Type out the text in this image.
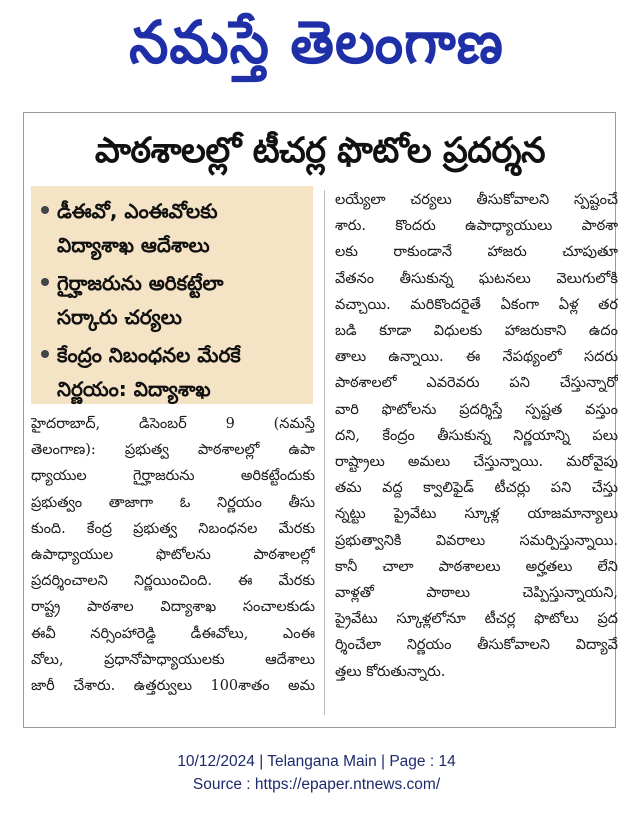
నమస్తే తెలంగాణ
పాఠశాలల్లో టీచర్ల ఫొటోల ప్రదర్శన
డీఈవో, ఎంఈవోలకు
విద్యాశాఖ ఆదేశాలు
గైర్హాజరును అరికట్టేలా
సర్కారు చర్యలు
కేంద్రం నిబంధనల మేరకే
నిర్ణయం: విద్యాశాఖ
హైదరాబాద్, డిసెంబర్ 9 (నమస్తే
తెలంగాణ): ప్రభుత్వ పాఠశాలల్లో ఉపా
ధ్యాయుల గైర్హాజరును అరికట్టేందుకు
ప్రభుత్వం తాజాగా ఓ నిర్ణయం తీసు
కుంది. కేంద్ర ప్రభుత్వ నిబంధనల మేరకు
ఉపాధ్యాయుల ఫొటోలను పాఠశాలల్లో
ప్రదర్శించాలని నిర్ణయించింది. ఈ మేరకు
రాష్ట్ర పాఠశాల విద్యాశాఖ సంచాలకుడు
ఈవీ నర్సింహారెడ్డి డీఈవోలు, ఎంఈ
వోలు, ప్రధానోపాధ్యాయులకు ఆదేశాలు
జారీ చేశారు. ఉత్తర్వులు 100శాతం అమ
లయ్యేలా చర్యలు తీసుకోవాలని స్పష్టంచే
శారు. కొందరు ఉపాధ్యాయులు పాఠశా
లకు రాకుండానే హాజరు చూపుతూ
వేతనం తీసుకున్న ఘటనలు వెలుగులోకి
వచ్చాయి. మరికొందరైతే ఏకంగా ఏళ్ల తర
బడి కూడా విధులకు హాజరుకాని ఉదం
తాలు ఉన్నాయి. ఈ నేపథ్యంలో సదరు
పాఠశాలలో ఎవరెవరు పని చేస్తున్నారో
వారి ఫొటోలను ప్రదర్శిస్తే స్పష్టత వస్తుం
దని, కేంద్రం తీసుకున్న నిర్ణయాన్ని పలు
రాష్ట్రాలు అమలు చేస్తున్నాయి. మరోవైపు
తమ వద్ద క్వాలిఫైడ్ టీచర్లు పని చేస్తు
న్నట్టు ప్రైవేటు స్కూళ్ల యాజమాన్యాలు
ప్రభుత్వానికి వివరాలు సమర్పిస్తున్నాయి.
కానీ చాలా పాఠశాలలు అర్హతలు లేని
వాళ్లతో పాఠాలు చెప్పిస్తున్నాయని,
ప్రైవేటు స్కూళ్లలోనూ టీచర్ల ఫొటోలు ప్రద
ర్శించేలా నిర్ణయం తీసుకోవాలని విద్యావే
త్తలు కోరుతున్నారు.
10/12/2024 | Telangana Main | Page : 14
Source : https://epaper.ntnews.com/
